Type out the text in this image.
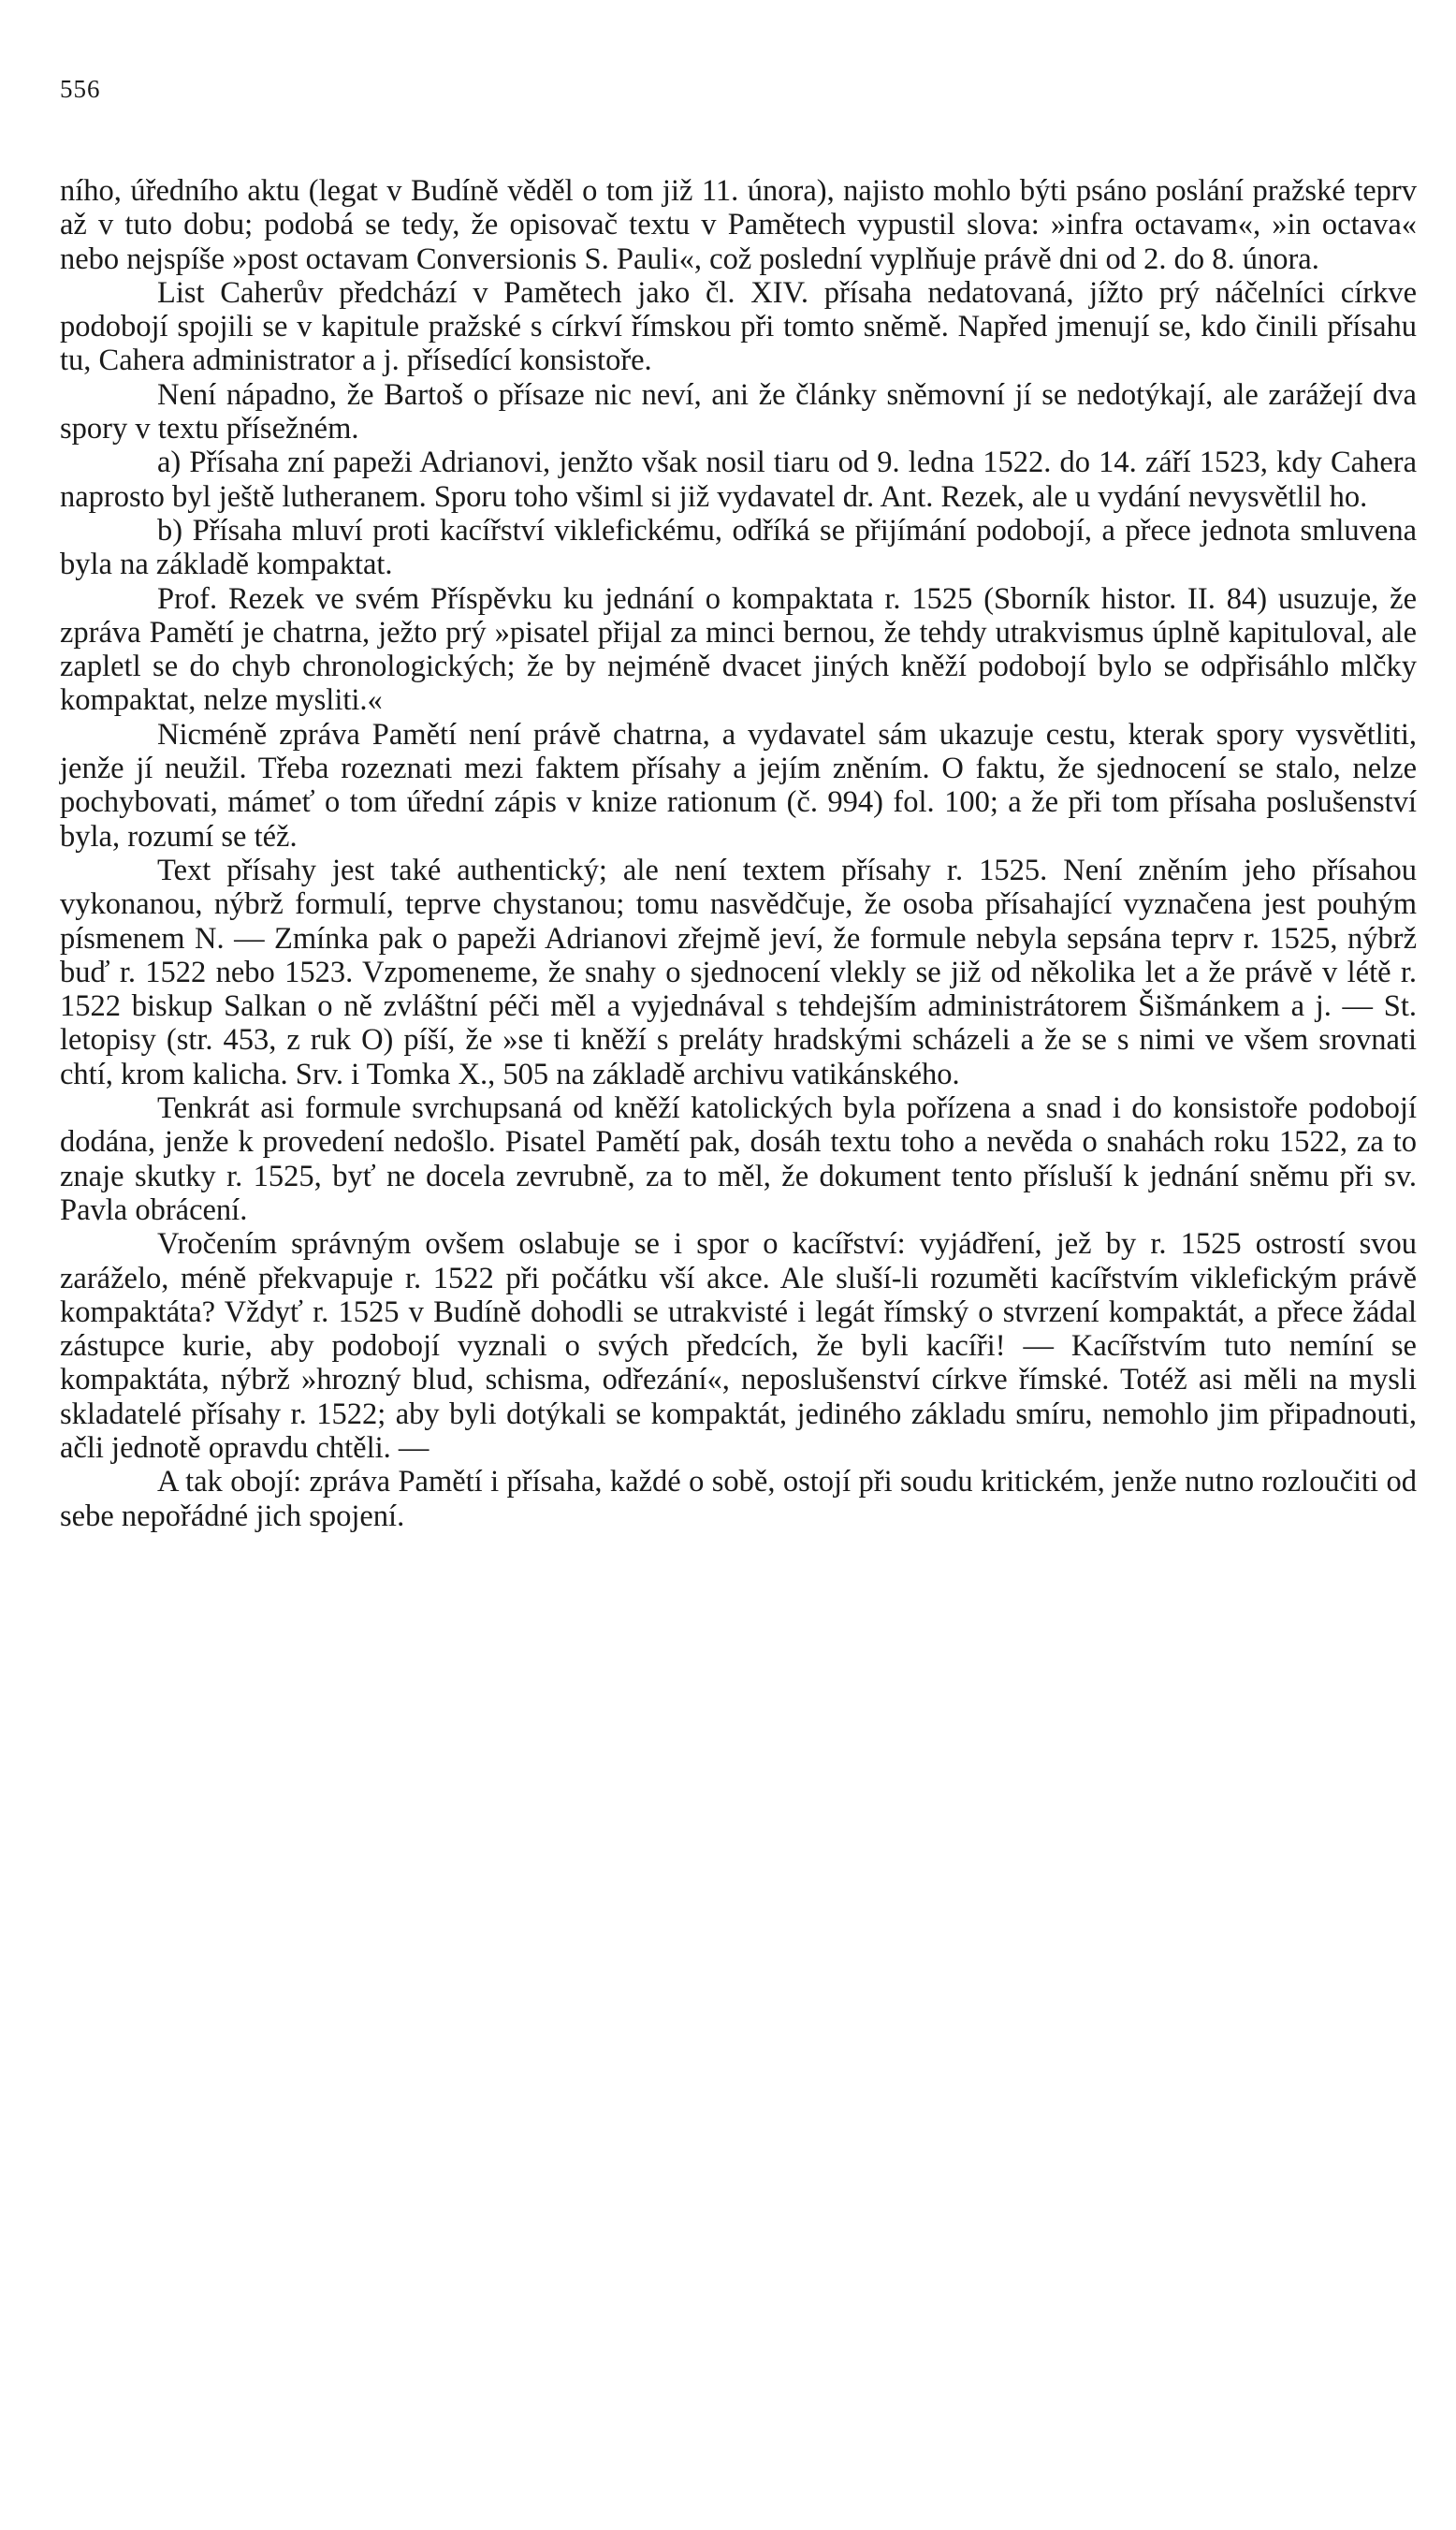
556

ního, úředního aktu (legat v Budíně věděl o tom již 11. února), najisto mohlo býti psáno poslání pražské teprv až v tuto dobu; podobá se tedy, že opisovač textu v Pamětech vypustil slova: »infra octavam«, »in octava« nebo nejspíše »post octavam Conversionis S. Pauli«, což poslední vyplňuje právě dni od 2. do 8. února.

List Caherův předchází v Pamětech jako čl. XIV. přísaha nedatovaná, jížto prý náčelníci církve podobojí spojili se v kapitule pražské s církví římskou při tomto sněmě. Napřed jmenují se, kdo činili přísahu tu, Cahera administrator a j. přísedící konsistoře.

Není nápadno, že Bartoš o přísaze nic neví, ani že články sněmovní jí se nedotýkají, ale zarážejí dva spory v textu přísežném.

a) Přísaha zní papeži Adrianovi, jenžto však nosil tiaru od 9. ledna 1522. do 14. září 1523, kdy Cahera naprosto byl ještě lutheranem. Sporu toho všiml si již vydavatel dr. Ant. Rezek, ale u vydání nevysvětlil ho.

b) Přísaha mluví proti kacířství viklefickému, odříká se přijímání podobojí, a přece jednota smluvena byla na základě kompaktat.

Prof. Rezek ve svém Příspěvku ku jednání o kompaktata r. 1525 (Sborník histor. II. 84) usuzuje, že zpráva Pamětí je chatrna, ježto prý »pisatel přijal za minci bernou, že tehdy utrakvismus úplně kapituloval, ale zapletl se do chyb chronologických; že by nejméně dvacet jiných kněží podobojí bylo se odpřisáhlo mlčky kompaktat, nelze mysliti.«

Nicméně zpráva Pamětí není právě chatrna, a vydavatel sám ukazuje cestu, kterak spory vysvětliti, jenže jí neužil. Třeba rozeznati mezi faktem přísahy a jejím zněním. O faktu, že sjednocení se stalo, nelze pochybovati, mámeť o tom úřední zápis v knize rationum (č. 994) fol. 100; a že při tom přísaha poslušenství byla, rozumí se též.

Text přísahy jest také authentický; ale není textem přísahy r. 1525. Není zněním jeho přísahou vykonanou, nýbrž formulí, teprve chystanou; tomu nasvědčuje, že osoba přísahající vyznačena jest pouhým písmenem N. — Zmínka pak o papeži Adrianovi zřejmě jeví, že formule nebyla sepsána teprv r. 1525, nýbrž buď r. 1522 nebo 1523. Vzpomeneme, že snahy o sjednocení vlekly se již od několika let a že právě v létě r. 1522 biskup Salkan o ně zvláštní péči měl a vyjednával s tehdejším administrátorem Šišmánkem a j. — St. letopisy (str. 453, z ruk O) píší, že »se ti kněží s preláty hradskými scházeli a že se s nimi ve všem srovnati chtí, krom kalicha. Srv. i Tomka X., 505 na základě archivu vatikánského.

Tenkrát asi formule svrchupsaná od kněží katolických byla pořízena a snad i do konsistoře podobojí dodána, jenže k provedení nedošlo. Pisatel Pamětí pak, dosáh textu toho a nevěda o snahách roku 1522, za to znaje skutky r. 1525, byť ne docela zevrubně, za to měl, že dokument tento přísluší k jednání sněmu při sv. Pavla obrácení.

Vročením správným ovšem oslabuje se i spor o kacířství: vyjádření, jež by r. 1525 ostrostí svou zaráželo, méně překvapuje r. 1522 při počátku vší akce. Ale sluší-li rozuměti kacířstvím viklefickým právě kompaktáta? Vždyť r. 1525 v Budíně dohodli se utrakvisté i legát římský o stvrzení kompaktát, a přece žádal zástupce kurie, aby podobojí vyznali o svých předcích, že byli kacíři! — Kacířstvím tuto nemíní se kompaktáta, nýbrž »hrozný blud, schisma, odřezání«, neposlušenství církve římské. Totéž asi měli na mysli skladatelé přísahy r. 1522; aby byli dotýkali se kompaktát, jediného základu smíru, nemohlo jim připadnouti, ačli jednotě opravdu chtěli. —

A tak obojí: zpráva Pamětí i přísaha, každé o sobě, ostojí při soudu kritickém, jenže nutno rozloučiti od sebe nepořádné jich spojení.
